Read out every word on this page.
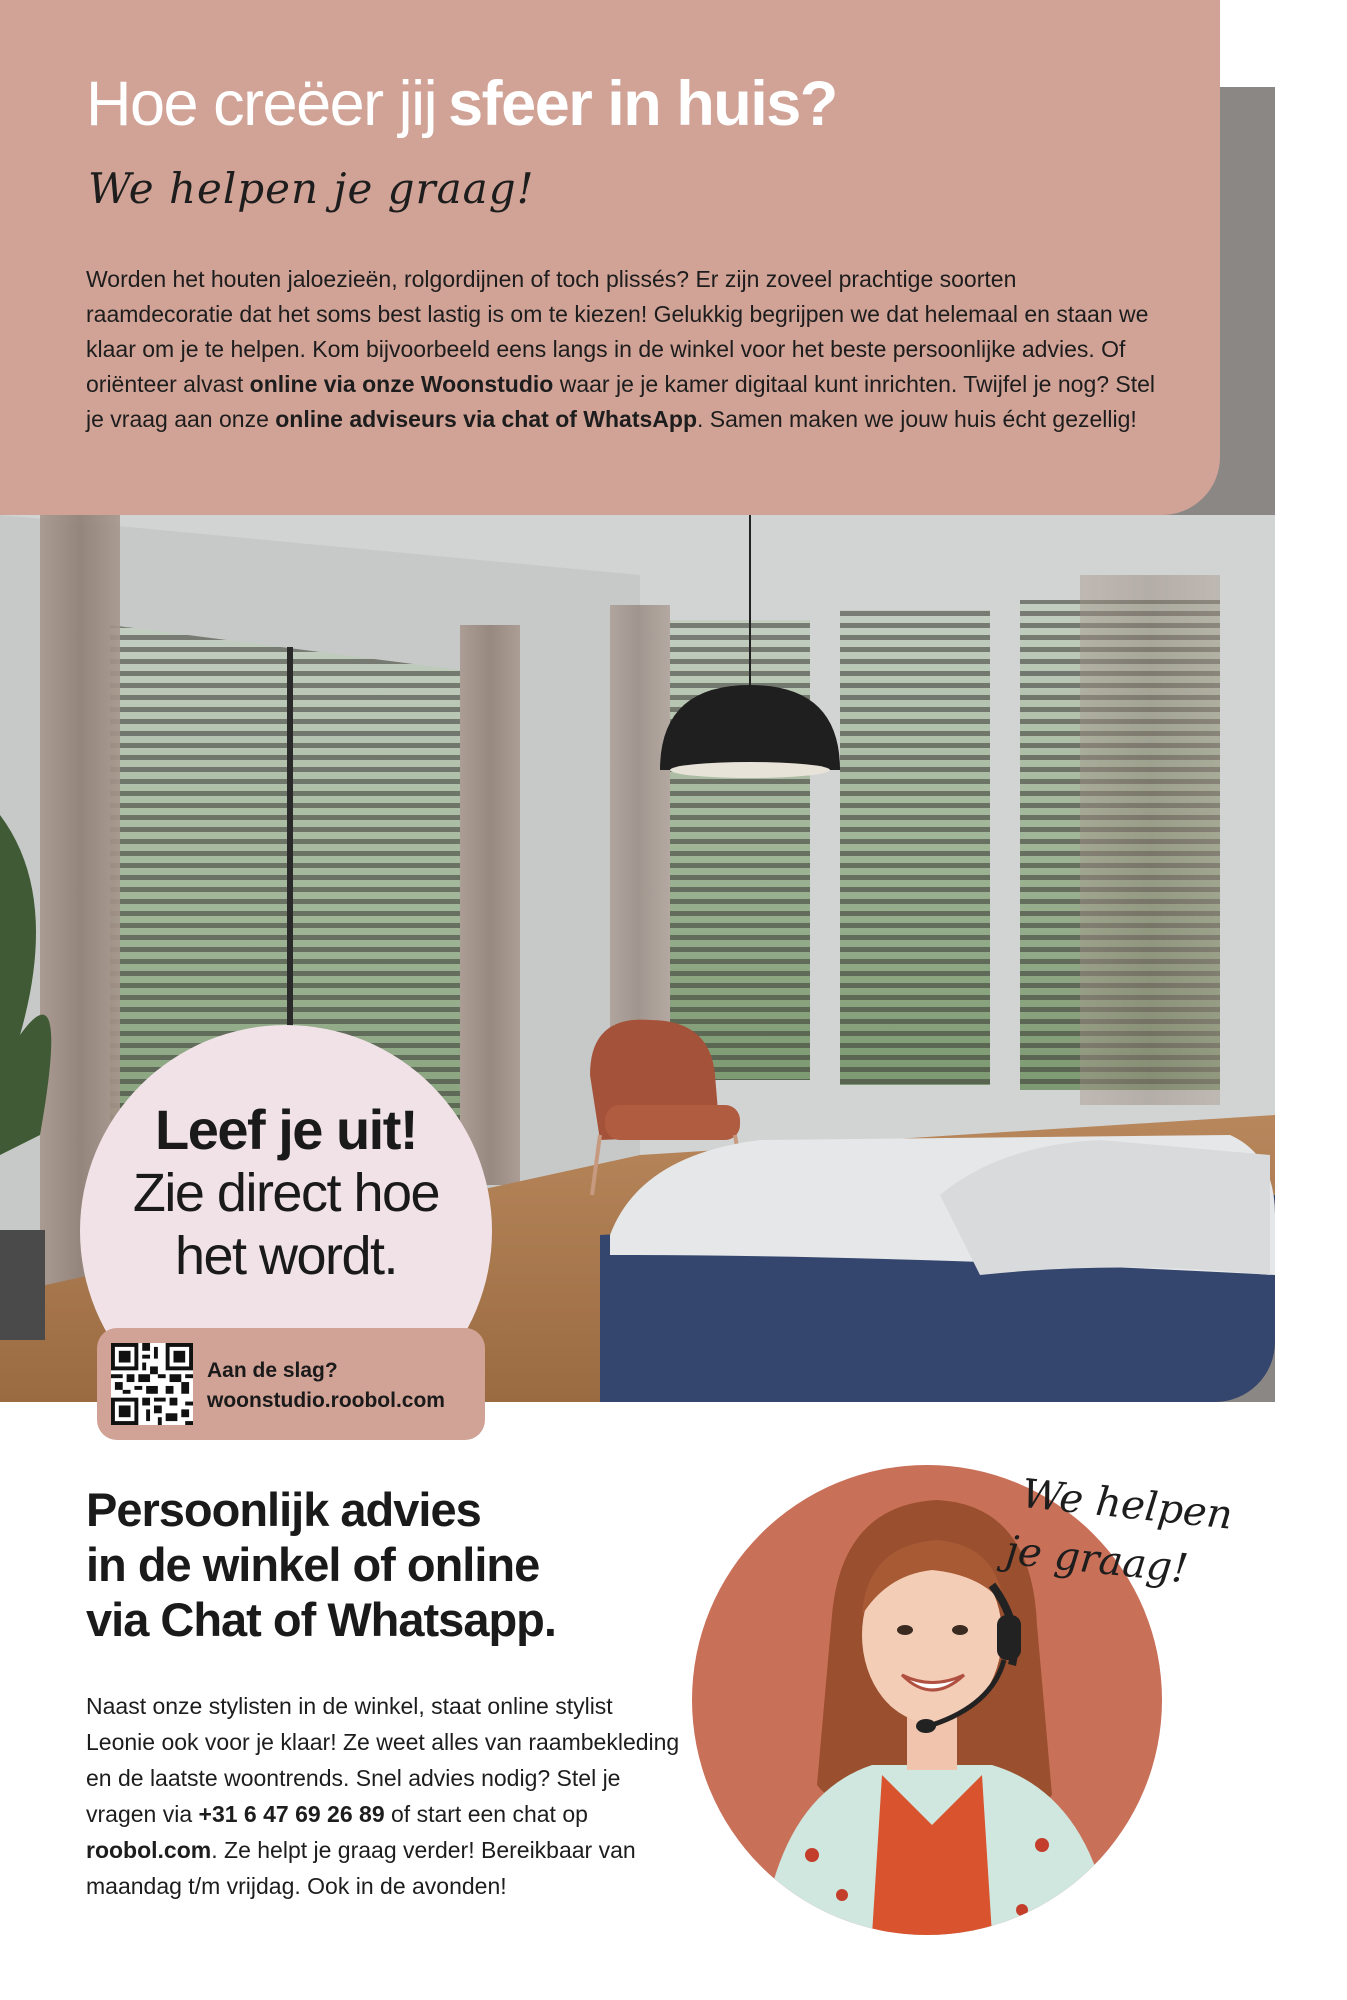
Hoe creëer jij sfeer in huis?
We helpen je graag!
Worden het houten jaloezieën, rolgordijnen of toch plissés? Er zijn zoveel prachtige soorten raamdecoratie dat het soms best lastig is om te kiezen! Gelukkig begrijpen we dat helemaal en staan we klaar om je te helpen. Kom bijvoorbeeld eens langs in de winkel voor het beste persoonlijke advies. Of oriënteer alvast online via onze Woonstudio waar je je kamer digitaal kunt inrichten. Twijfel je nog? Stel je vraag aan onze online adviseurs via chat of WhatsApp. Samen maken we jouw huis écht gezellig!
Leef je uit!
Zie direct hoe
het wordt.
Aan de slag?
woonstudio.roobol.com
Persoonlijk advies
in de winkel of online
via Chat of Whatsapp.
Naast onze stylisten in de winkel, staat online stylist Leonie ook voor je klaar! Ze weet alles van raambekleding en de laatste woontrends. Snel advies nodig? Stel je vragen via +31 6 47 69 26 89 of start een chat op roobol.com. Ze helpt je graag verder! Bereikbaar van maandag t/m vrijdag. Ook in de avonden!
We helpen
je graag!
